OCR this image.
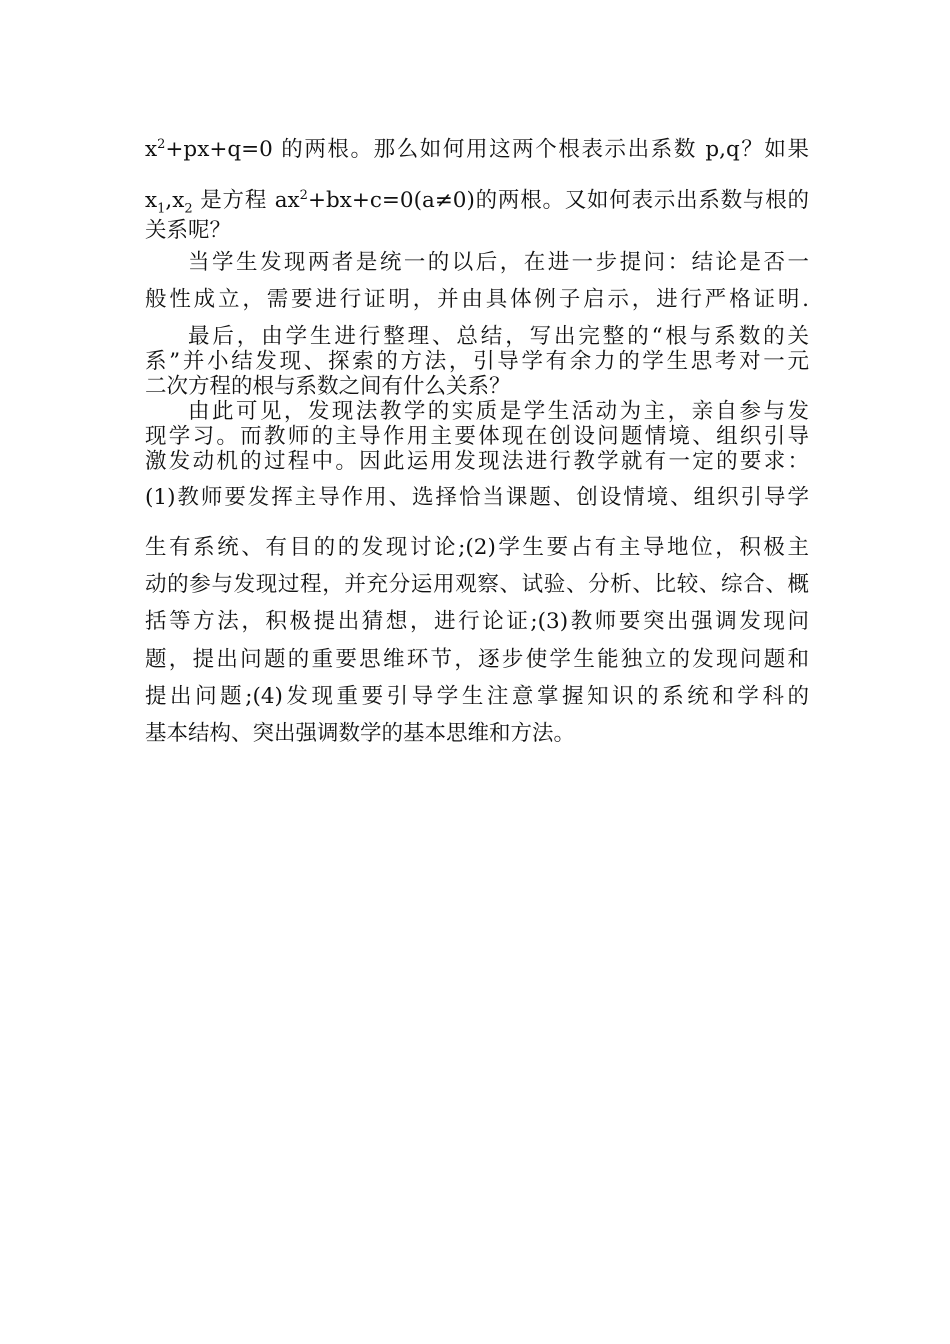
$x^2+px+q=0$ 的两根。那么如何用这两个根表示出系数 p,q？如果
$x_1,x_2$ 是方程 $ax^2+bx+c=0(a\ne 0)$的两根。又如何表示出系数与根的
关系呢？
当学生发现两者是统一的以后，在进一步提问：结论是否一
般性成立，需要进行证明，并由具体例子启示，进行严格证明.
最后，由学生进行整理、总结，写出完整的“根与系数的关
系”并小结发现、探索的方法，引导学有余力的学生思考对一元
二次方程的根与系数之间有什么关系？
由此可见，发现法教学的实质是学生活动为主，亲自参与发
现学习。而教师的主导作用主要体现在创设问题情境、组织引导
激发动机的过程中。因此运用发现法进行教学就有一定的要求：
(1)教师要发挥主导作用、选择恰当课题、创设情境、组织引导学
生有系统、有目的的发现讨论;(2)学生要占有主导地位，积极主
动的参与发现过程，并充分运用观察、试验、分析、比较、综合、概
括等方法，积极提出猜想，进行论证;(3)教师要突出强调发现问
题，提出问题的重要思维环节，逐步使学生能独立的发现问题和
提出问题;(4)发现重要引导学生注意掌握知识的系统和学科的
基本结构、突出强调数学的基本思维和方法。
